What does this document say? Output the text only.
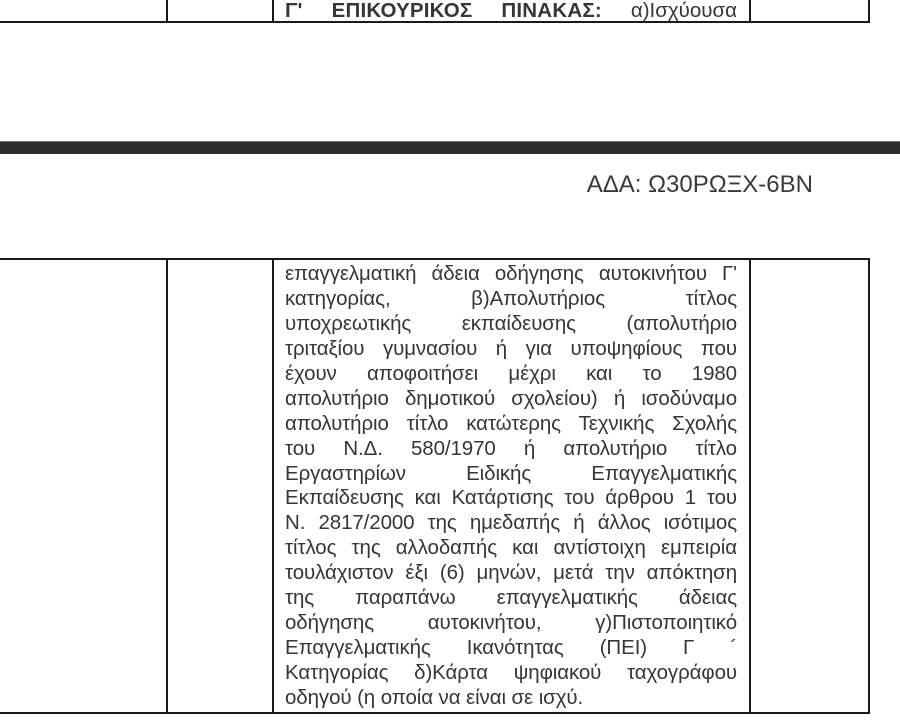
Γ' ΕΠΙΚΟΥΡΙΚΟΣ ΠΙΝΑΚΑΣ: α)Ισχύουσα
ΑΔΑ: Ω30ΡΩΞΧ-6ΒΝ
επαγγελματική άδεια οδήγησης αυτοκινήτου Γ'
κατηγορίας, β)Απολυτήριος τίτλος
υποχρεωτικής εκπαίδευσης (απολυτήριο
τριταξίου γυμνασίου ή για υποψηφίους που
έχουν αποφοιτήσει μέχρι και το 1980
απολυτήριο δημοτικού σχολείου) ή ισοδύναμο
απολυτήριο τίτλο κατώτερης Τεχνικής Σχολής
του Ν.Δ. 580/1970 ή απολυτήριο τίτλο
Εργαστηρίων Ειδικής Επαγγελματικής
Εκπαίδευσης και Κατάρτισης του άρθρου 1 του
Ν. 2817/2000 της ημεδαπής ή άλλος ισότιμος
τίτλος της αλλοδαπής και αντίστοιχη εμπειρία
τουλάχιστον έξι (6) μηνών, μετά την απόκτηση
της παραπάνω επαγγελματικής άδειας
οδήγησης αυτοκινήτου, γ)Πιστοποιητικό
Επαγγελματικής Ικανότητας (ΠΕΙ) Γ ´
Κατηγορίας δ)Κάρτα ψηφιακού ταχογράφου
οδηγού (η οποία να είναι σε ισχύ.
